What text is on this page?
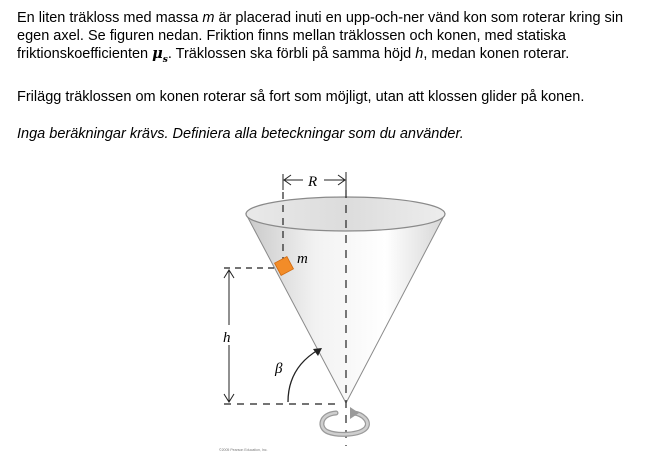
En liten träkloss med massa m är placerad inuti en upp-och-ner vänd kon som roterar kring sin
egen axel. Se figuren nedan. Friktion finns mellan träklossen och konen, med statiska
friktionskoefficienten $\mu_s$. Träklossen ska förbli på samma höjd h, medan konen roterar.

Frilägg träklossen om konen roterar så fort som möjligt, utan att klossen glider på konen.

Inga beräkningar krävs. Definiera alla beteckningar som du använder.

R
h
m
β
©2005 Pearson Education, Inc.
